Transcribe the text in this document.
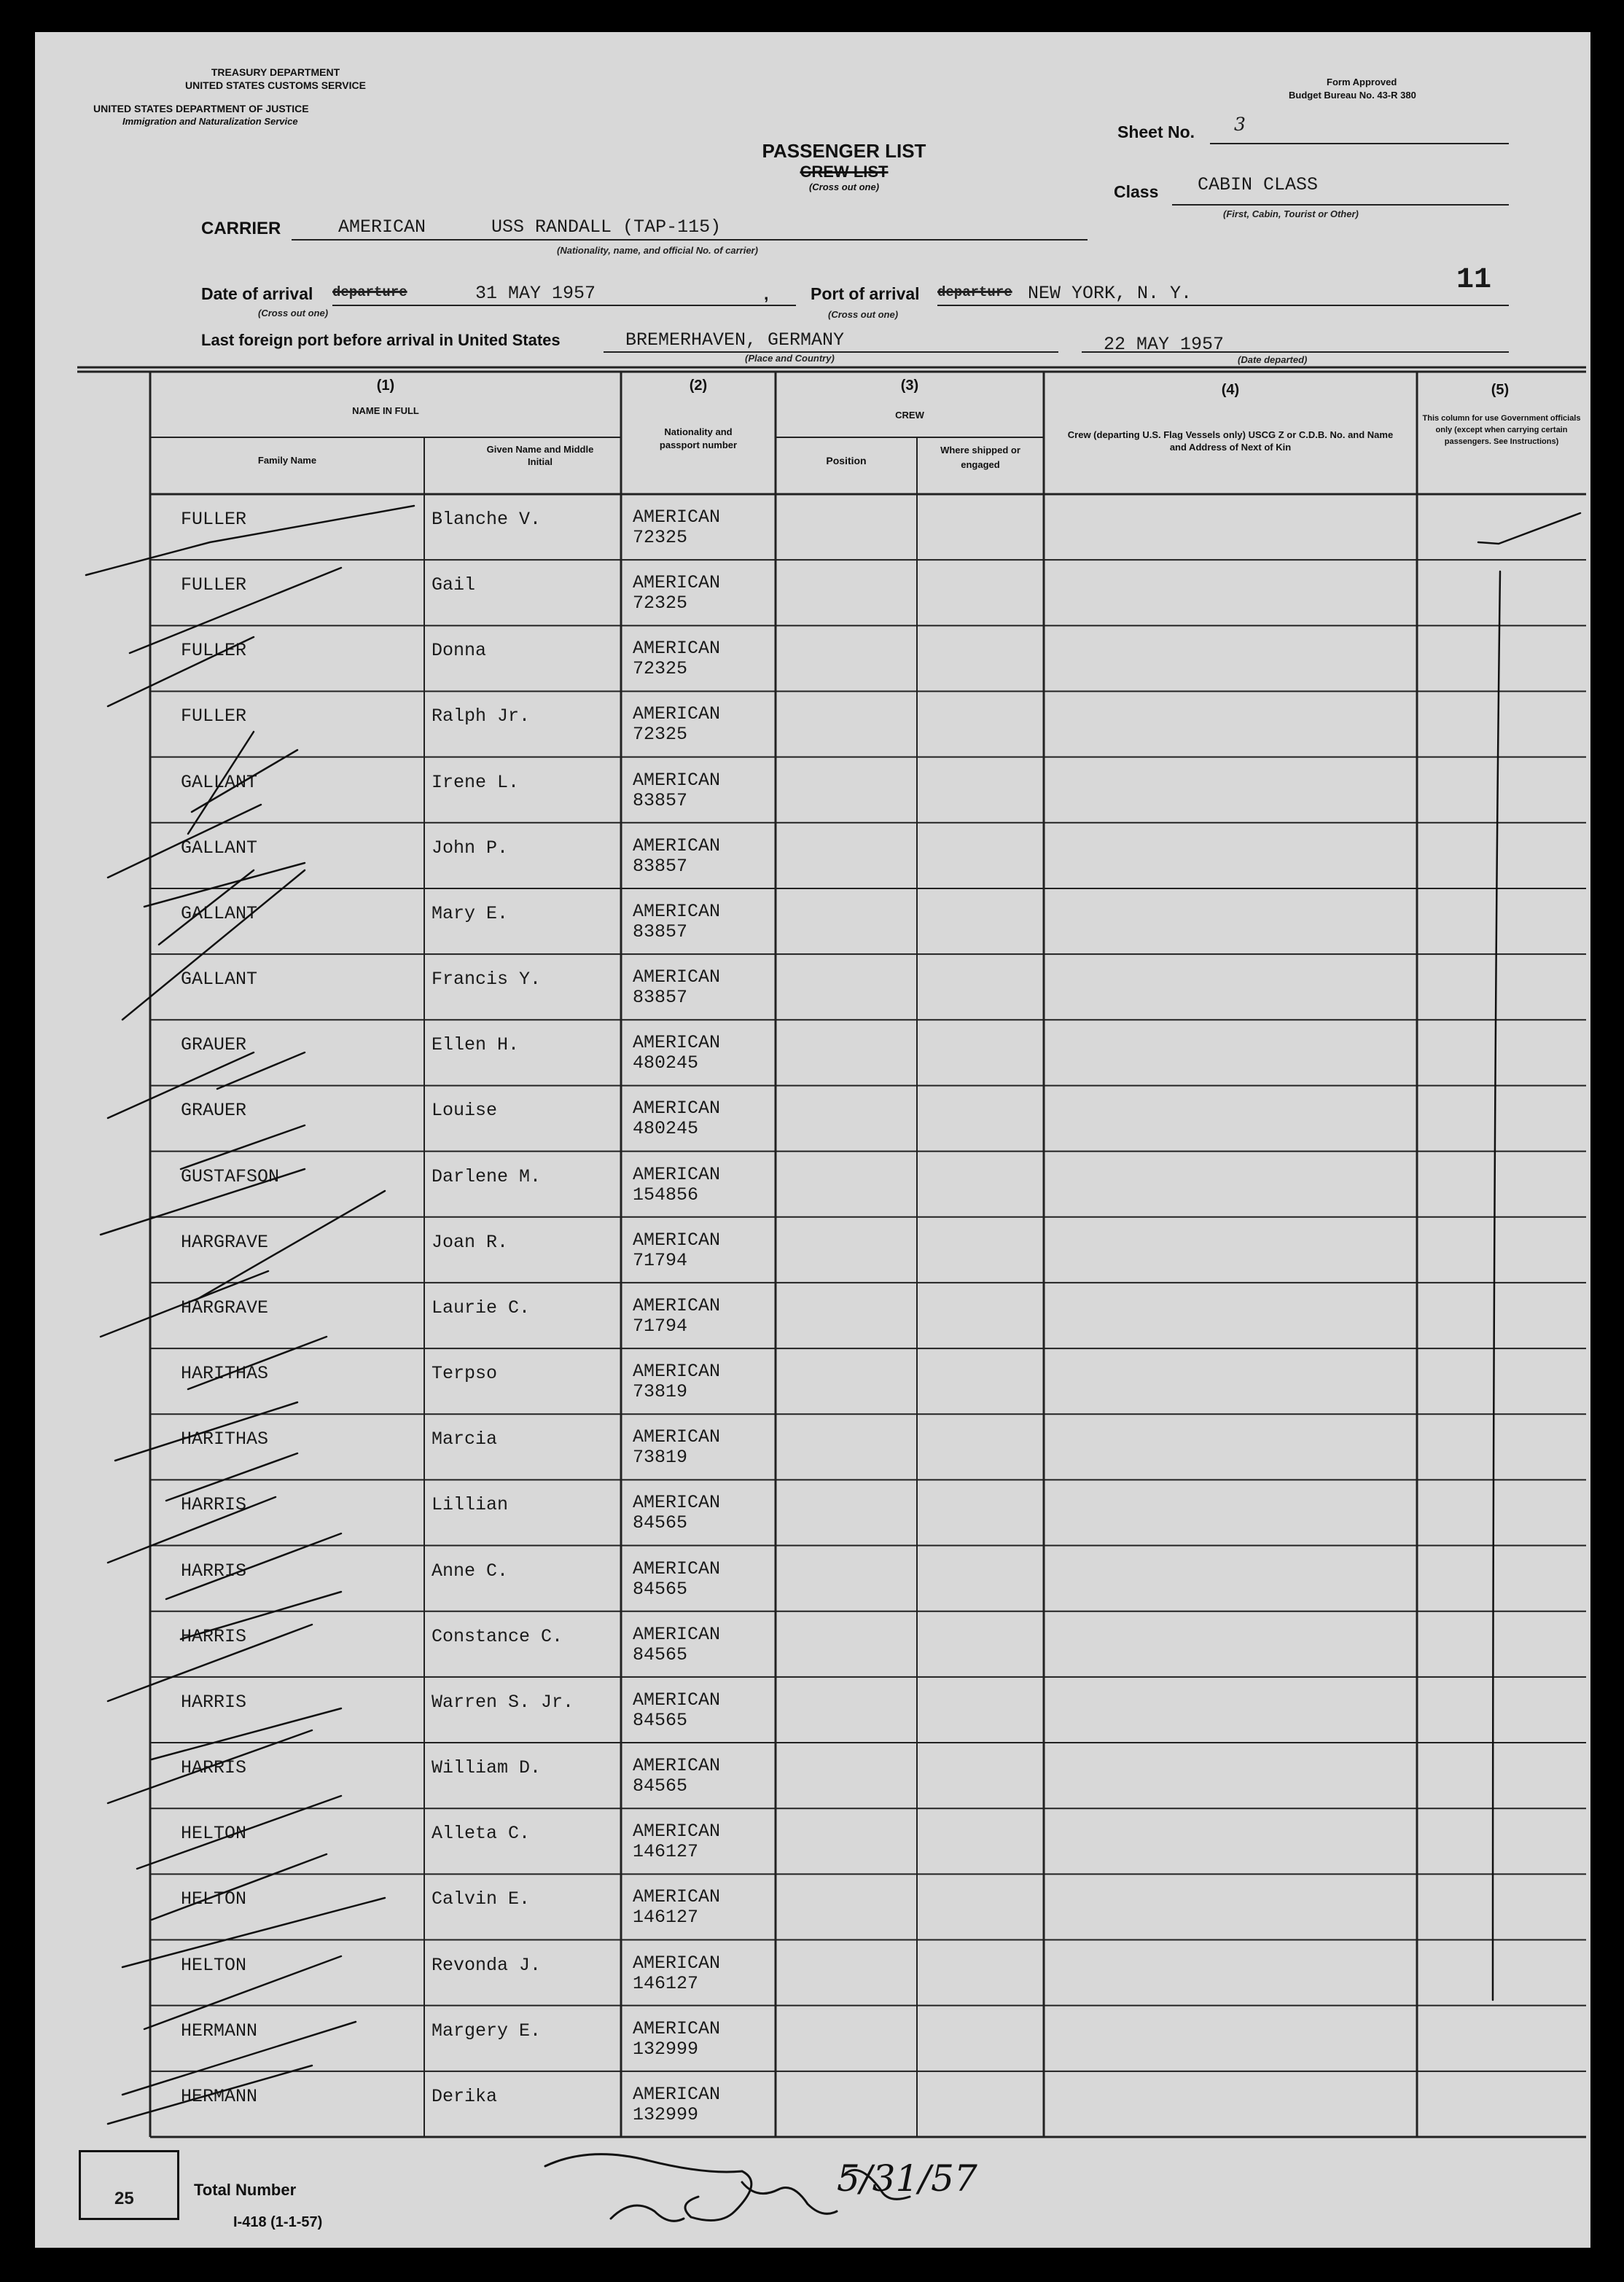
TREASURY DEPARTMENT
UNITED STATES CUSTOMS SERVICE
UNITED STATES DEPARTMENT OF JUSTICE
Immigration and Naturalization Service
Form Approved
Budget Bureau No. 43-R 380
PASSENGER LIST
CREW LIST
(Cross out one)
Sheet No. 3
Class CABIN CLASS
(First, Cabin, Tourist or Other)
CARRIER	AMERICAN      USS RANDALL (TAP-115)
(Nationality, name, and official No. of carrier)
11
Date of arrival departure	31 MAY 1957
(Cross out one)
,	Port of arrival departure NEW YORK, N. Y.
(Cross out one)
Last foreign port before arrival in United States	BREMERHAVEN, GERMANY
(Place and Country)
22 MAY 1957
(Date departed)
(1)
NAME IN FULL
Family Name
Given Name and Middle Initial
(2)
Nationality and passport number
(3)
CREW
Position
Where shipped or engaged
(4)
Crew (departing U.S. Flag Vessels only) USCG Z or C.D.B. No. and Name and Address of Next of Kin
(5)
This column for use Government officials only (except when carrying certain passengers. See Instructions)
FULLER	Blanche V.	AMERICAN
72325
FULLER	Gail	AMERICAN
72325
FULLER	Donna	AMERICAN
72325
FULLER	Ralph Jr.	AMERICAN
72325
GALLANT	Irene L.	AMERICAN
83857
GALLANT	John P.	AMERICAN
83857
GALLANT	Mary E.	AMERICAN
83857
GALLANT	Francis Y.	AMERICAN
83857
GRAUER	Ellen H.	AMERICAN
480245
GRAUER	Louise	AMERICAN
480245
GUSTAFSON	Darlene M.	AMERICAN
154856
HARGRAVE	Joan R.	AMERICAN
71794
HARGRAVE	Laurie C.	AMERICAN
71794
HARITHAS	Terpso	AMERICAN
73819
HARITHAS	Marcia	AMERICAN
73819
HARRIS	Lillian	AMERICAN
84565
HARRIS	Anne C.	AMERICAN
84565
HARRIS	Constance C.	AMERICAN
84565
HARRIS	Warren S. Jr.	AMERICAN
84565
HARRIS	William D.	AMERICAN
84565
HELTON	Alleta C.	AMERICAN
146127
HELTON	Calvin E.	AMERICAN
146127
HELTON	Revonda J.	AMERICAN
146127
HERMANN	Margery E.	AMERICAN
132999
HERMANN	Derika	AMERICAN
132999
25	Total Number
I-418 (1-1-57)
5/31/57
